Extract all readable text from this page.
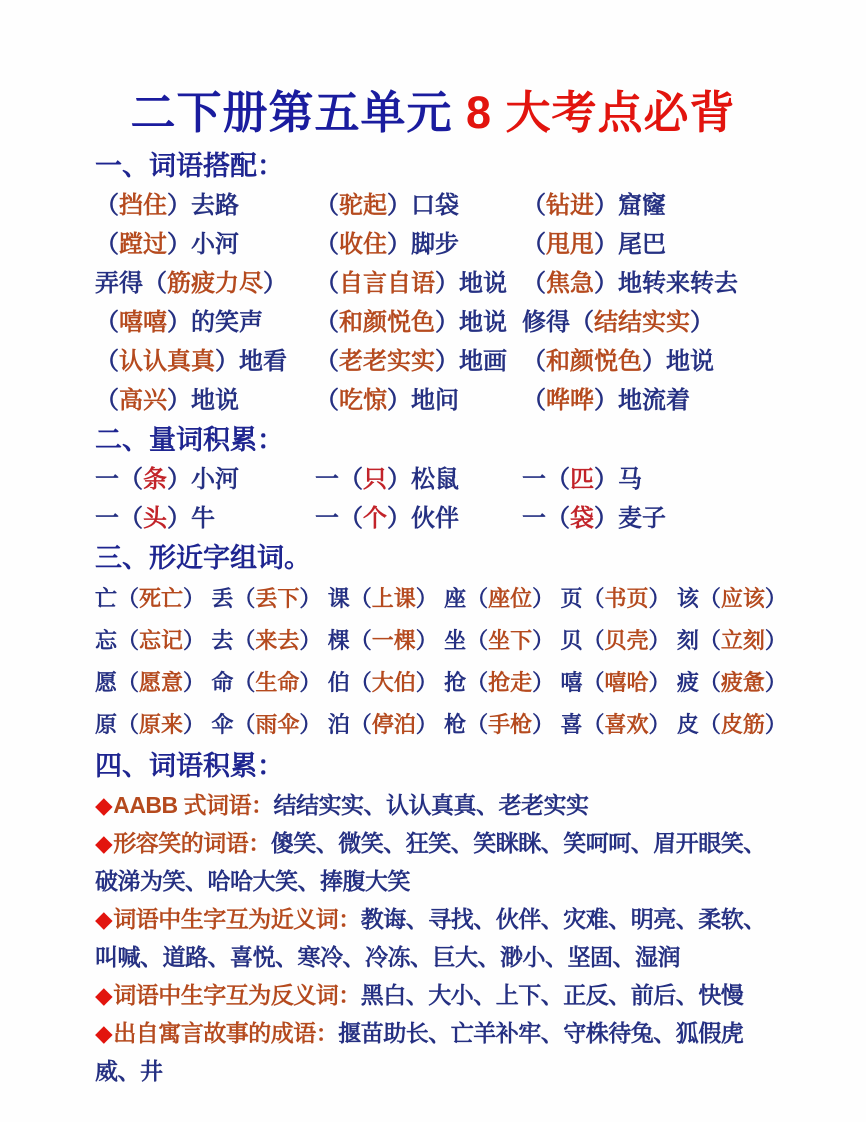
二下册第五单元 8 大考点必背
一、词语搭配：
（挡住）去路	（驼起）口袋	（钻进）窟窿
（蹚过）小河	（收住）脚步	（甩甩）尾巴
弄得（筋疲力尽）	（自言自语）地说 （焦急）地转来转去
（嘻嘻）的笑声	（和颜悦色）地说 修得（结结实实）
（认认真真）地看	（老老实实）地画 （和颜悦色）地说
（高兴）地说	（吃惊）地问	（哗哗）地流着
二、量词积累：
一（条）小河	一（只）松鼠	一（匹）马
一（头）牛	一（个）伙伴	一（袋）麦子
三、形近字组词。
亡（死亡） 丢（丢下） 课（上课） 座（座位） 页（书页） 该（应该）
忘（忘记） 去（来去） 棵（一棵） 坐（坐下） 贝（贝壳） 刻（立刻）
愿（愿意） 命（生命） 伯（大伯） 抢（抢走） 嘻（嘻哈） 疲（疲惫）
原（原来） 伞（雨伞） 泊（停泊） 枪（手枪） 喜（喜欢） 皮（皮筋）
四、词语积累：
◆AABB 式词语：结结实实、认认真真、老老实实
◆形容笑的词语：傻笑、微笑、狂笑、笑眯眯、笑呵呵、眉开眼笑、破涕为笑、哈哈大笑、捧腹大笑
◆词语中生字互为近义词：教诲、寻找、伙伴、灾难、明亮、柔软、叫喊、道路、喜悦、寒冷、冷冻、巨大、渺小、坚固、湿润
◆词语中生字互为反义词：黑白、大小、上下、正反、前后、快慢
◆出自寓言故事的成语：揠苗助长、亡羊补牢、守株待兔、狐假虎威、井
